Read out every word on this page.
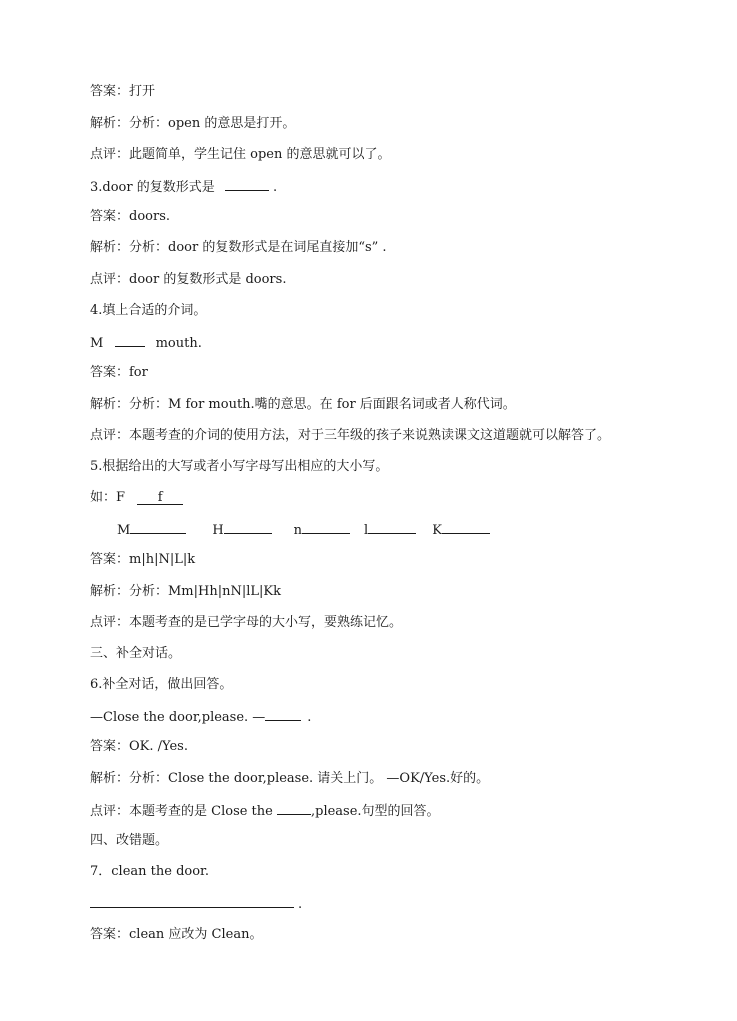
答案：打开
解析：分析：open 的意思是打开。
点评：此题简单，学生记住 open 的意思就可以了。
3.door 的复数形式是	.
答案：doors.
解析：分析：door 的复数形式是在词尾直接加“s” .
点评：door 的复数形式是 doors.
4.填上合适的介词。
M	mouth.
答案：for
解析：分析：M for mouth.嘴的意思。在 for 后面跟名词或者人称代词。
点评：本题考查的介词的使用方法，对于三年级的孩子来说熟读课文这道题就可以解答了。
5.根据给出的大写或者小写字母写出相应的大小写。
如：F	f
M	H	n	l	K
答案：m|h|N|L|k
解析：分析：Mm|Hh|nN|lL|Kk
点评：本题考查的是已学字母的大小写，要熟练记忆。
三、补全对话。
6.补全对话，做出回答。
—Close the door,please. —	.
答案：OK. /Yes.
解析：分析：Close the door,please. 请关上门。 —OK/Yes.好的。
点评：本题考查的是 Close the	,please.句型的回答。
四、改错题。
7．clean the door.
.
答案：clean 应改为 Clean。
